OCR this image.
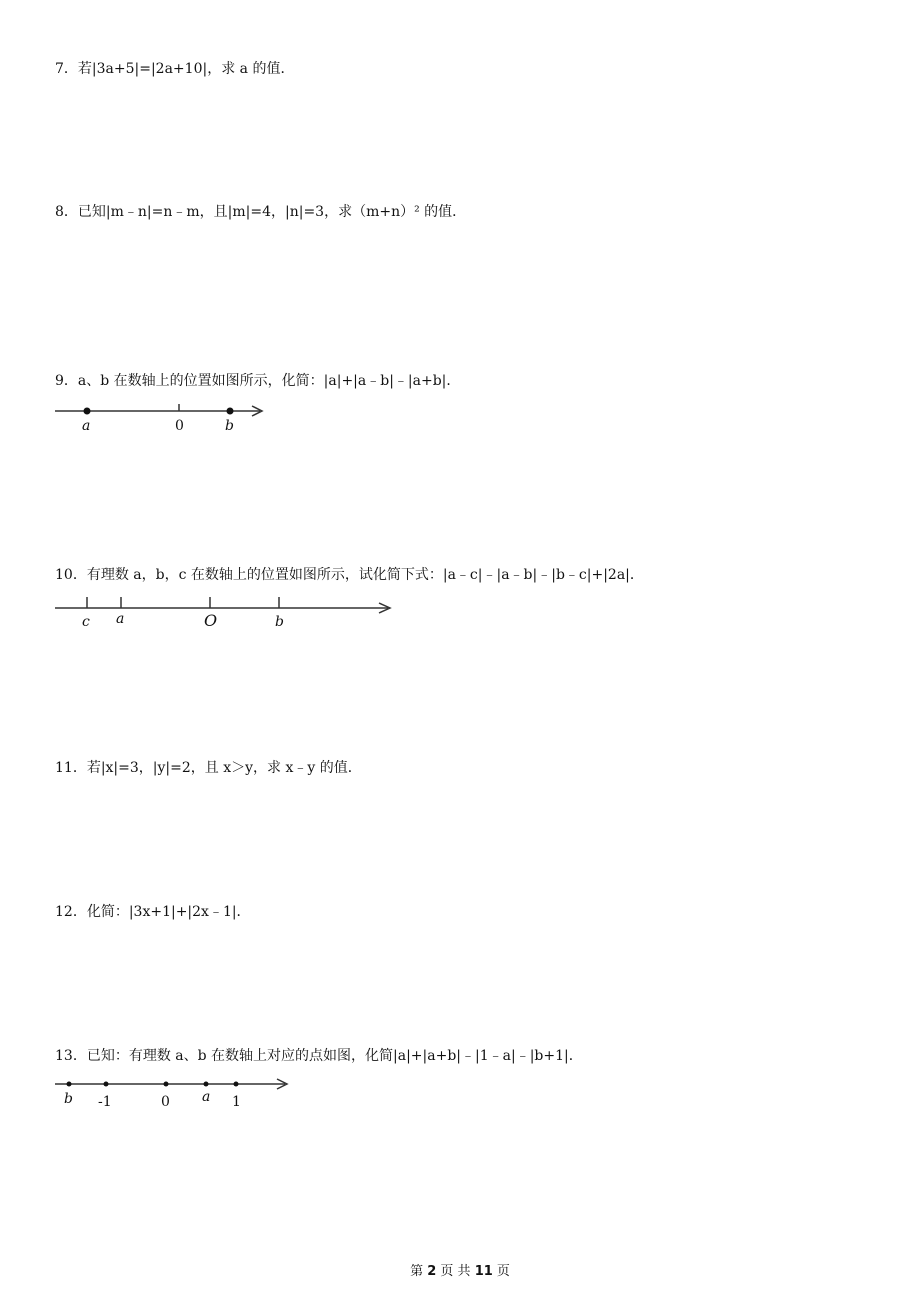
7．若|3a+5|=|2a+10|，求 a 的值．
8．已知|m﹣n|=n﹣m，且|m|=4，|n|=3，求（m+n）² 的值．
9．a、b 在数轴上的位置如图所示，化简：|a|+|a﹣b|﹣|a+b|．
10．有理数 a，b，c 在数轴上的位置如图所示，试化简下式：|a﹣c|﹣|a﹣b|﹣|b﹣c|+|2a|．
11．若|x|=3，|y|=2，且 x＞y，求 x﹣y 的值．
12．化简：|3x+1|+|2x﹣1|．
13．已知：有理数 a、b 在数轴上对应的点如图，化简|a|+|a+b|﹣|1﹣a|﹣|b+1|．
a	0	b
c a	O	b
b -1	0 a 1
第 2 页 共 11 页
